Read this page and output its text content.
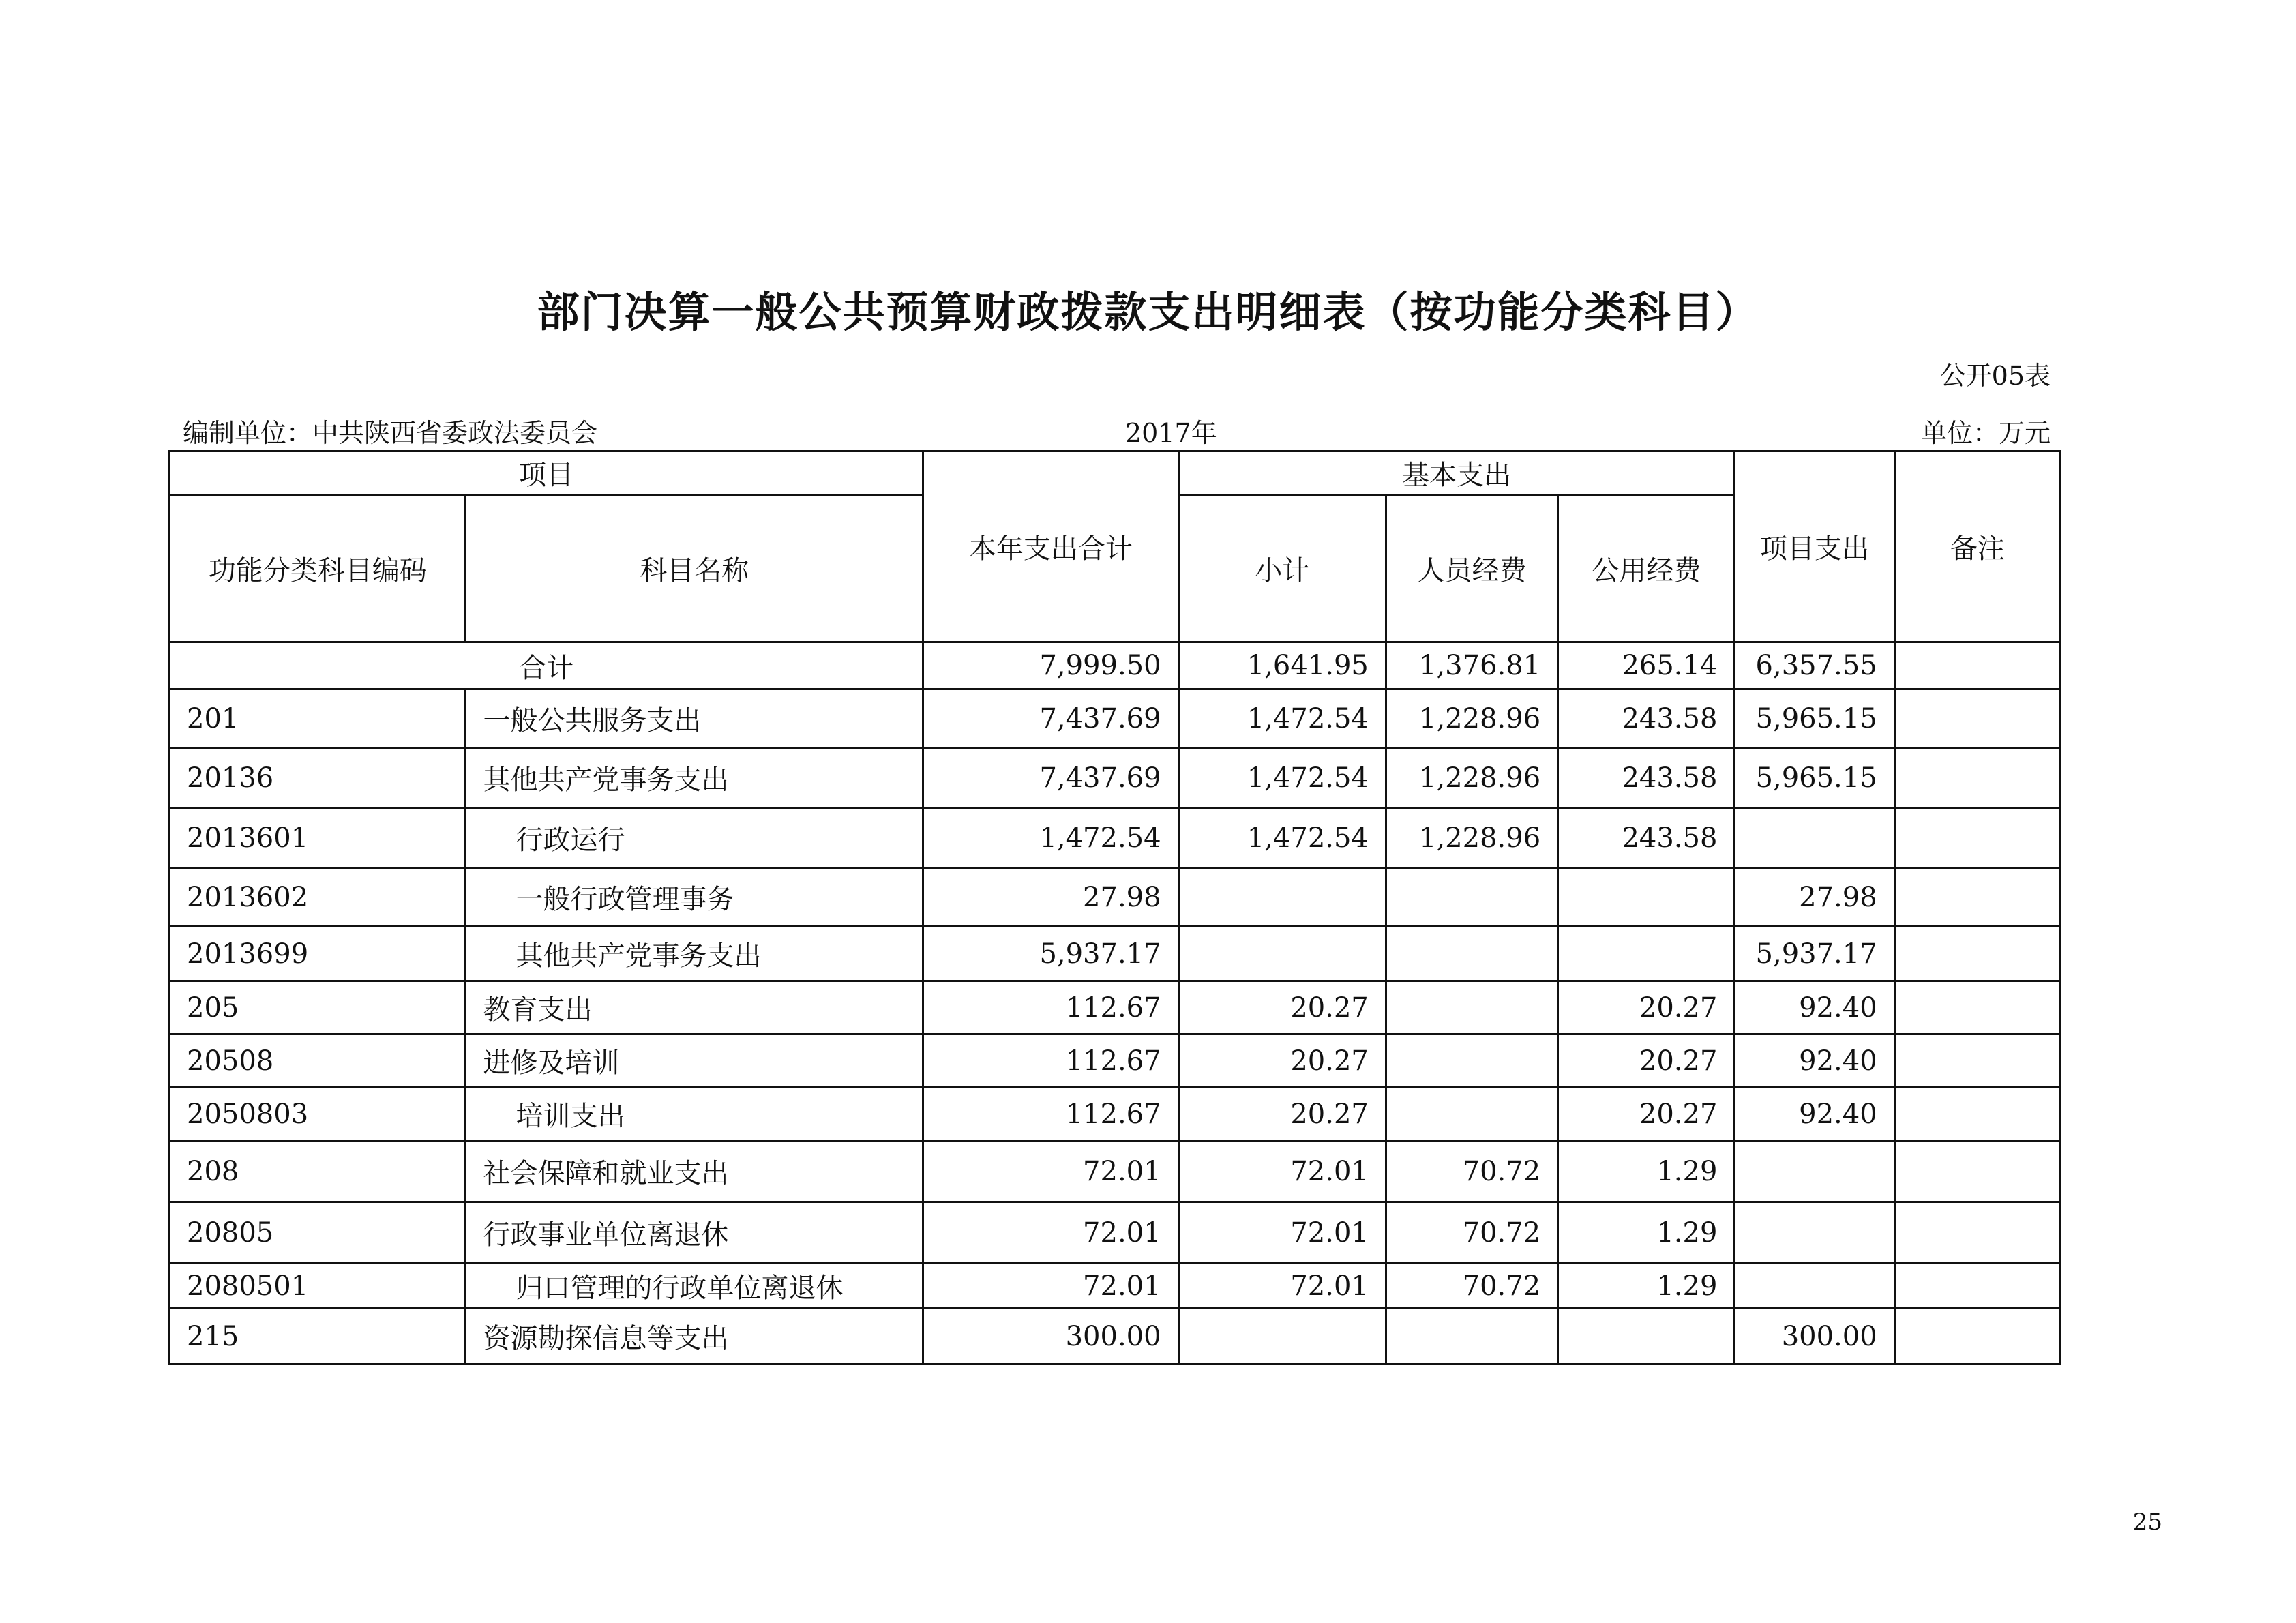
部门决算一般公共预算财政拨款支出明细表（按功能分类科目）
公开05表
编制单位：中共陕西省委政法委员会	2017年	单位：万元
项目		本年支出合计	基本支出			项目支出	备注
功能分类科目编码	科目名称		小计	人员经费	公用经费		
合计		7,999.50	1,641.95	1,376.81	265.14	6,357.55	
201	一般公共服务支出	7,437.69	1,472.54	1,228.96	243.58	5,965.15	
20136	其他共产党事务支出	7,437.69	1,472.54	1,228.96	243.58	5,965.15	
2013601	行政运行	1,472.54	1,472.54	1,228.96	243.58		
2013602	一般行政管理事务	27.98				27.98	
2013699	其他共产党事务支出	5,937.17				5,937.17	
205	教育支出	112.67	20.27		20.27	92.40	
20508	进修及培训	112.67	20.27		20.27	92.40	
2050803	培训支出	112.67	20.27		20.27	92.40	
208	社会保障和就业支出	72.01	72.01	70.72	1.29		
20805	行政事业单位离退休	72.01	72.01	70.72	1.29		
2080501	归口管理的行政单位离退休	72.01	72.01	70.72	1.29		
215	资源勘探信息等支出	300.00				300.00	
25
